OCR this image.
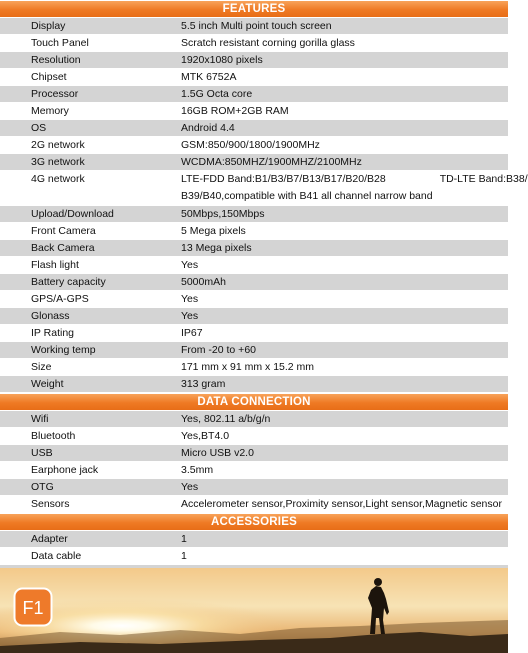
FEATURES
Display	5.5 inch Multi point touch screen
Touch Panel	Scratch resistant corning gorilla glass
Resolution	1920x1080 pixels
Chipset	MTK 6752A
Processor	1.5G Octa core
Memory	16GB ROM+2GB RAM
OS	Android 4.4
2G network	GSM:850/900/1800/1900MHz
3G network	WCDMA:850MHZ/1900MHZ/2100MHz
4G network	LTE-FDD Band:B1/B3/B7/B13/B17/B20/B28	TD-LTE Band:B38/
B39/B40,compatible with B41 all channel narrow band
Upload/Download	50Mbps,150Mbps
Front Camera	5 Mega pixels
Back Camera	13 Mega pixels
Flash light	Yes
Battery capacity	5000mAh
GPS/A-GPS	Yes
Glonass	Yes
IP Rating	IP67
Working temp	From -20 to +60
Size	171 mm x 91 mm x 15.2 mm
Weight	313 gram
DATA CONNECTION
Wifi	Yes, 802.11 a/b/g/n
Bluetooth	Yes,BT4.0
USB	Micro USB v2.0
Earphone jack	3.5mm
OTG	Yes
Sensors	Accelerometer sensor,Proximity sensor,Light sensor,Magnetic sensor
ACCESSORIES
Adapter	1
Data cable	1
F1
